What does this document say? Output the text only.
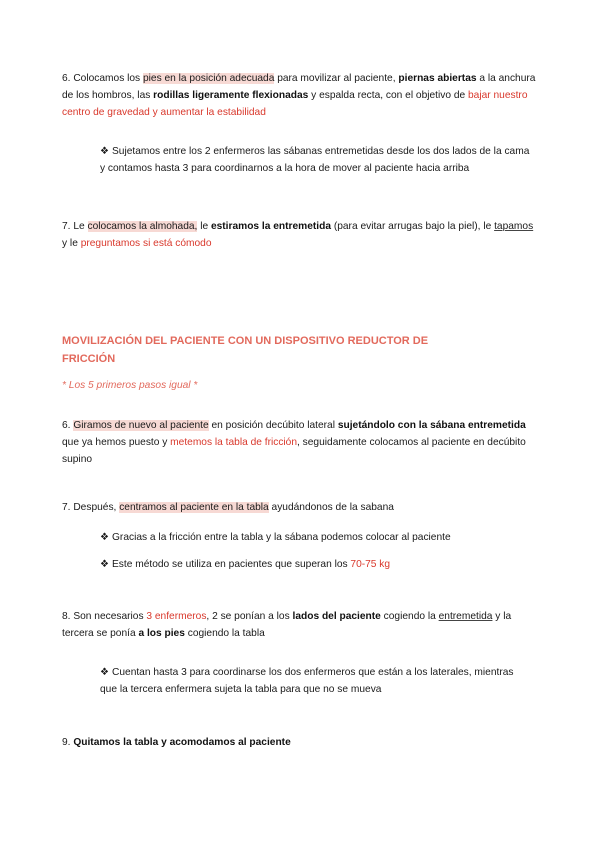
6. Colocamos los pies en la posición adecuada para movilizar al paciente, piernas abiertas a la anchura de los hombros, las rodillas ligeramente flexionadas y espalda recta, con el objetivo de bajar nuestro centro de gravedad y aumentar la estabilidad
❖ Sujetamos entre los 2 enfermeros las sábanas entremetidas desde los dos lados de la cama y contamos hasta 3 para coordinarnos a la hora de mover al paciente hacia arriba
7. Le colocamos la almohada, le estiramos la entremetida (para evitar arrugas bajo la piel), le tapamos y le preguntamos si está cómodo
MOVILIZACIÓN DEL PACIENTE CON UN DISPOSITIVO REDUCTOR DE FRICCIÓN
* Los 5 primeros pasos igual *
6. Giramos de nuevo al paciente en posición decúbito lateral sujetándolo con la sábana entremetida que ya hemos puesto y metemos la tabla de fricción, seguidamente colocamos al paciente en decúbito supino
7. Después, centramos al paciente en la tabla ayudándonos de la sabana
❖ Gracias a la fricción entre la tabla y la sábana podemos colocar al paciente
❖ Este método se utiliza en pacientes que superan los 70-75 kg
8. Son necesarios 3 enfermeros, 2 se ponían a los lados del paciente cogiendo la entremetida y la tercera se ponía a los pies cogiendo la tabla
❖ Cuentan hasta 3 para coordinarse los dos enfermeros que están a los laterales, mientras que la tercera enfermera sujeta la tabla para que no se mueva
9. Quitamos la tabla y acomodamos al paciente
